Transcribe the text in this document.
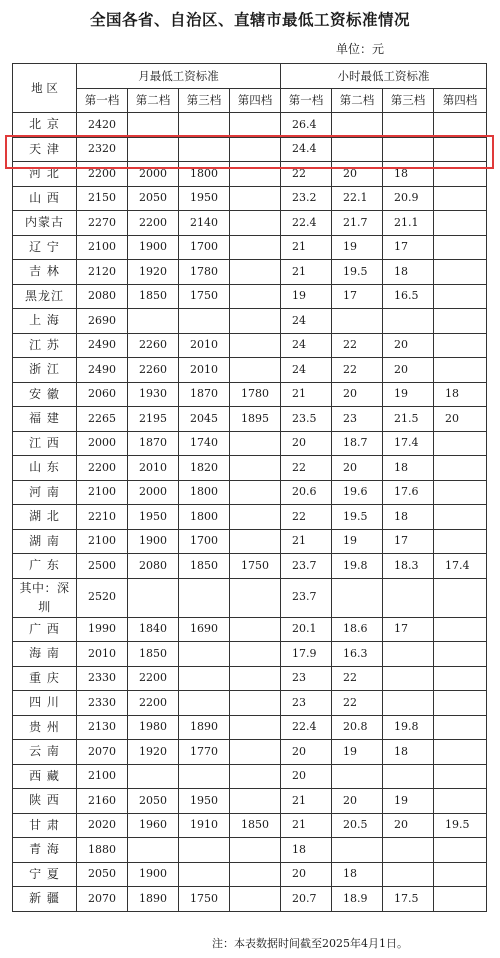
全国各省、自治区、直辖市最低工资标准情况
单位：元
地 区	月最低工资标准				小时最低工资标准			
	第一档	第二档	第三档	第四档	第一档	第二档	第三档	第四档
北 京	2420				26.4			
天 津	2320				24.4			
河 北	2200	2000	1800		22	20	18	
山 西	2150	2050	1950		23.2	22.1	20.9	
内蒙古	2270	2200	2140		22.4	21.7	21.1	
辽 宁	2100	1900	1700		21	19	17	
吉 林	2120	1920	1780		21	19.5	18	
黑龙江	2080	1850	1750		19	17	16.5	
上 海	2690				24			
江 苏	2490	2260	2010		24	22	20	
浙 江	2490	2260	2010		24	22	20	
安 徽	2060	1930	1870	1780	21	20	19	18
福 建	2265	2195	2045	1895	23.5	23	21.5	20
江 西	2000	1870	1740		20	18.7	17.4	
山 东	2200	2010	1820		22	20	18	
河 南	2100	2000	1800		20.6	19.6	17.6	
湖 北	2210	1950	1800		22	19.5	18	
湖 南	2100	1900	1700		21	19	17	
广 东	2500	2080	1850	1750	23.7	19.8	18.3	17.4
其中：深圳	2520				23.7			
广 西	1990	1840	1690		20.1	18.6	17	
海 南	2010	1850			17.9	16.3		
重 庆	2330	2200			23	22		
四 川	2330	2200			23	22		
贵 州	2130	1980	1890		22.4	20.8	19.8	
云 南	2070	1920	1770		20	19	18	
西 藏	2100				20			
陕 西	2160	2050	1950		21	20	19	
甘 肃	2020	1960	1910	1850	21	20.5	20	19.5
青 海	1880				18			
宁 夏	2050	1900			20	18		
新 疆	2070	1890	1750		20.7	18.9	17.5	
注：本表数据时间截至2025年4月1日。
